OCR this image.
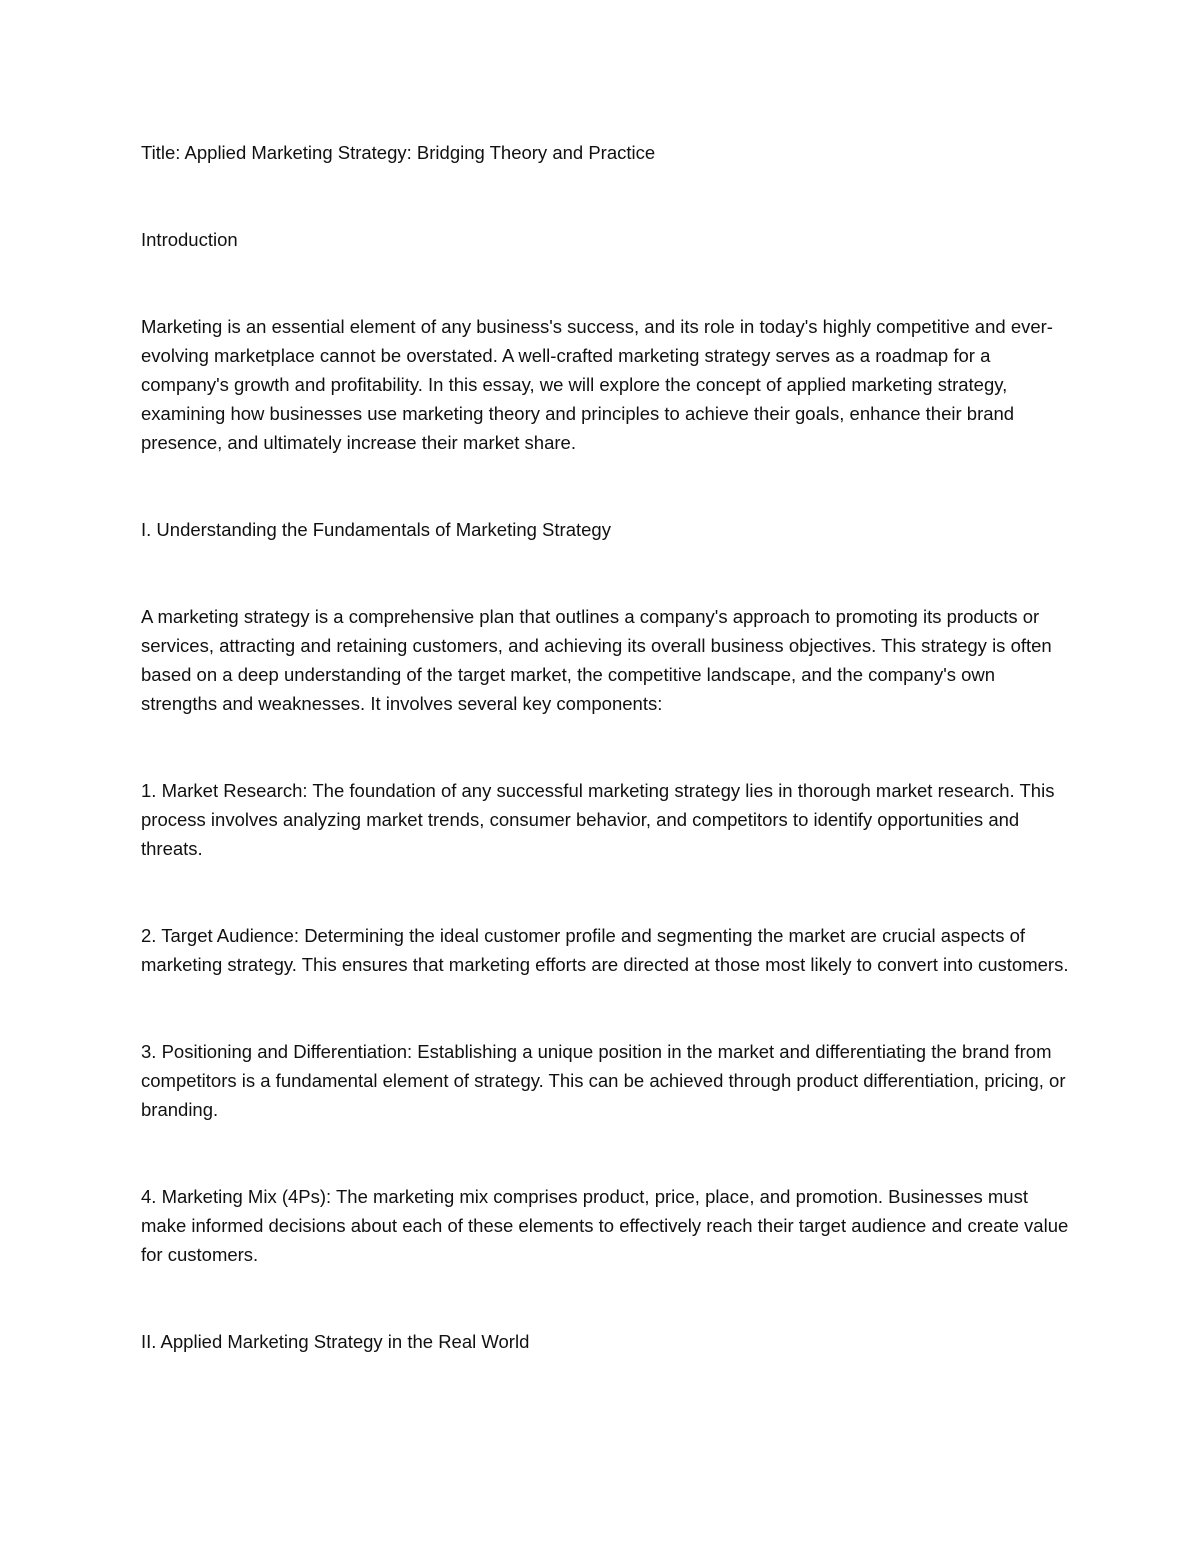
Title: Applied Marketing Strategy: Bridging Theory and Practice

Introduction

Marketing is an essential element of any business's success, and its role in today's highly competitive and ever-evolving marketplace cannot be overstated. A well-crafted marketing strategy serves as a roadmap for a company's growth and profitability. In this essay, we will explore the concept of applied marketing strategy, examining how businesses use marketing theory and principles to achieve their goals, enhance their brand presence, and ultimately increase their market share.

I. Understanding the Fundamentals of Marketing Strategy

A marketing strategy is a comprehensive plan that outlines a company's approach to promoting its products or services, attracting and retaining customers, and achieving its overall business objectives. This strategy is often based on a deep understanding of the target market, the competitive landscape, and the company's own strengths and weaknesses. It involves several key components:

1. Market Research: The foundation of any successful marketing strategy lies in thorough market research. This process involves analyzing market trends, consumer behavior, and competitors to identify opportunities and threats.

2. Target Audience: Determining the ideal customer profile and segmenting the market are crucial aspects of marketing strategy. This ensures that marketing efforts are directed at those most likely to convert into customers.

3. Positioning and Differentiation: Establishing a unique position in the market and differentiating the brand from competitors is a fundamental element of strategy. This can be achieved through product differentiation, pricing, or branding.

4. Marketing Mix (4Ps): The marketing mix comprises product, price, place, and promotion. Businesses must make informed decisions about each of these elements to effectively reach their target audience and create value for customers.

II. Applied Marketing Strategy in the Real World
